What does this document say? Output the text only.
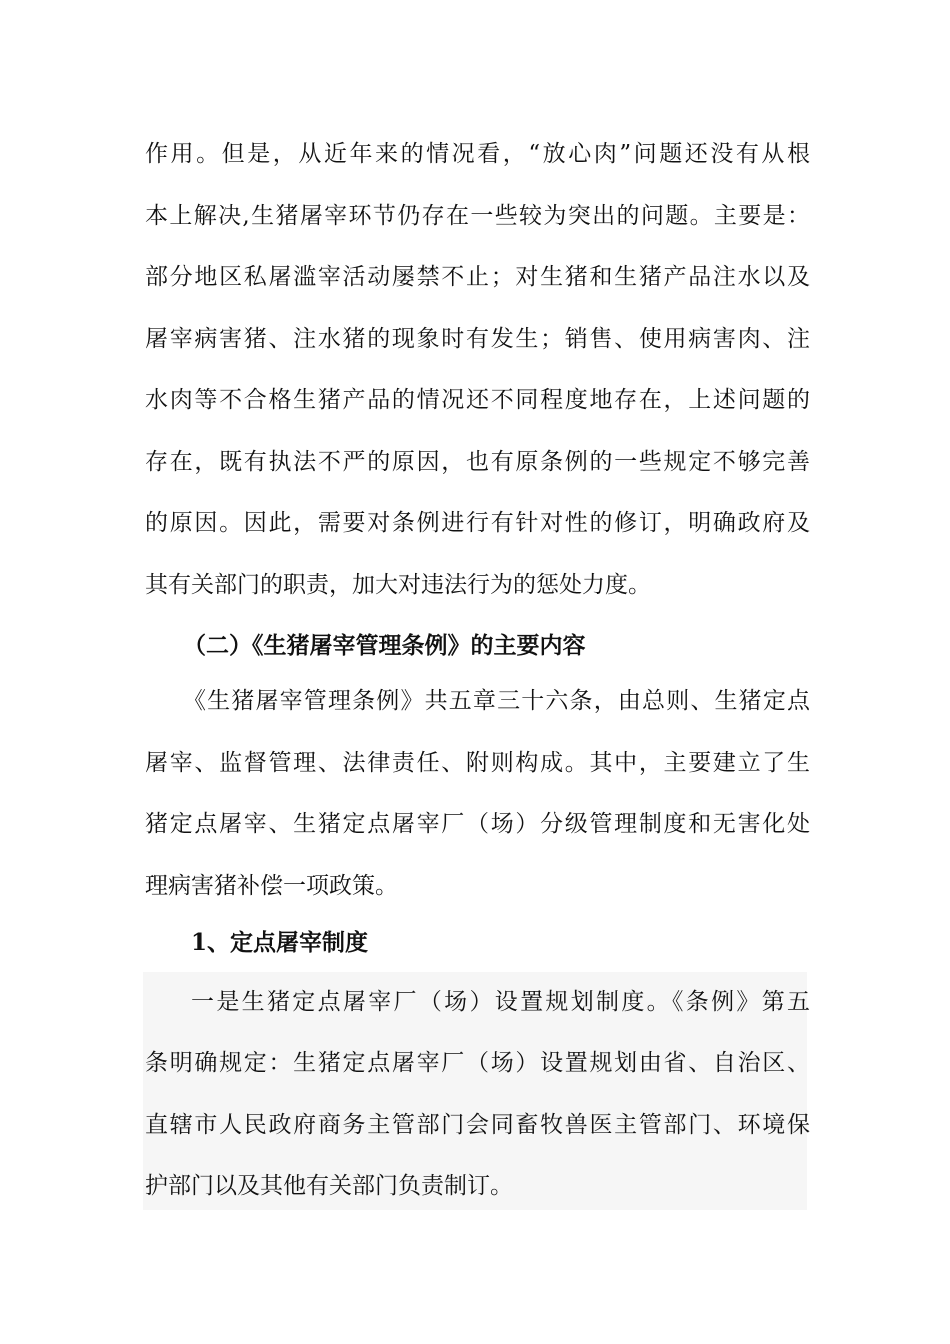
作用。但是，从近年来的情况看，“放心肉”问题还没有从根
本上解决,生猪屠宰环节仍存在一些较为突出的问题。主要是：
部分地区私屠滥宰活动屡禁不止；对生猪和生猪产品注水以及
屠宰病害猪、注水猪的现象时有发生；销售、使用病害肉、注
水肉等不合格生猪产品的情况还不同程度地存在，上述问题的
存在，既有执法不严的原因，也有原条例的一些规定不够完善
的原因。因此，需要对条例进行有针对性的修订，明确政府及
其有关部门的职责，加大对违法行为的惩处力度。
（二）《生猪屠宰管理条例》的主要内容
《生猪屠宰管理条例》共五章三十六条，由总则、生猪定点
屠宰、监督管理、法律责任、附则构成。其中，主要建立了生
猪定点屠宰、生猪定点屠宰厂（场）分级管理制度和无害化处
理病害猪补偿一项政策。
1、定点屠宰制度
一是生猪定点屠宰厂（场）设置规划制度。《条例》第五
条明确规定：生猪定点屠宰厂（场）设置规划由省、自治区、
直辖市人民政府商务主管部门会同畜牧兽医主管部门、环境保
护部门以及其他有关部门负责制订。
